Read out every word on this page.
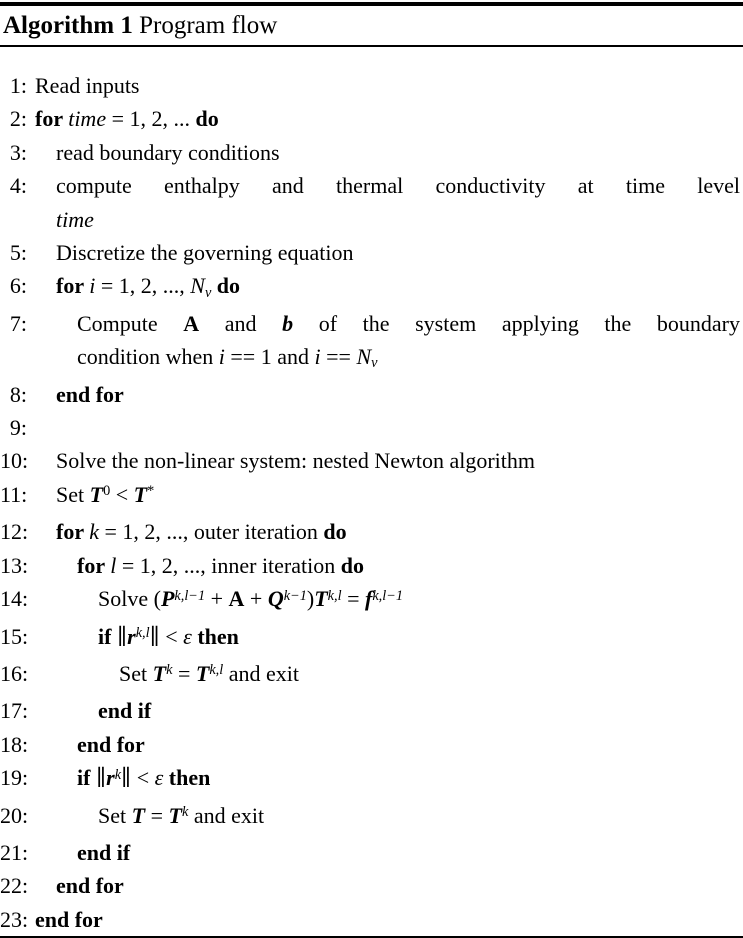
Algorithm 1 Program flow
1: Read inputs
2: for time = 1, 2, ... do
3: read boundary conditions
4: compute enthalpy and thermal conductivity at time level
time
5: Discretize the governing equation
6: for i = 1, 2, ..., Nv do
7: Compute A and b of the system applying the boundary
condition when i == 1 and i == Nv
8: end for
9:
10: Solve the non-linear system: nested Newton algorithm
11: Set $T^0 < T^*$
12: for k = 1, 2, ..., outer iteration do
13: for l = 1, 2, ..., inner iteration do
14:	Solve $(P^{k,l-1} + A + Q^{k-1})T^{k,l} = f^{k,l-1}$
15:	if $\parallel r^{k,l}\parallel < \varepsilon$ then
16:	Set $T^k = T^{k,l}$ and exit
17:	end if
18: end for
19: if $\parallel r^k\parallel < \varepsilon$ then
20:	Set $T = T^k$ and exit
21: end if
22: end for
23: end for
